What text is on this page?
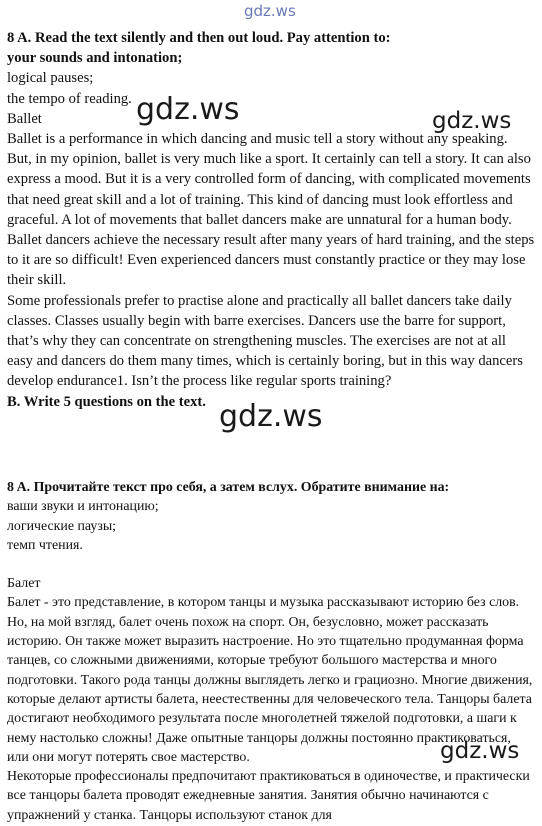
gdz.ws

8 A. Read the text silently and then out loud. Pay attention to:

your sounds and intonation;

logical pauses;

the tempo of reading.

Ballet

Ballet is a performance in which dancing and music tell a story without any speaking. But, in my opinion, ballet is very much like a sport. It certainly can tell a story. It can also express a mood. But it is a very controlled form of dancing, with complicated movements that need great skill and a lot of training. This kind of dancing must look effortless and graceful. A lot of movements that ballet dancers make are unnatural for a human body. Ballet dancers achieve the necessary result after many years of hard training, and the steps to it are so difficult! Even experienced dancers must constantly practice or they may lose their skill.

Some professionals prefer to practise alone and practically all ballet dancers take daily classes. Classes usually begin with barre exercises. Dancers use the barre for support, that’s why they can concentrate on strengthening muscles. The exercises are not at all easy and dancers do them many times, which is certainly boring, but in this way dancers develop endurance1. Isn’t the process like regular sports training?

B. Write 5 questions on the text.

8 A. Прочитайте текст про себя, а затем вслух. Обратите внимание на:

ваши звуки и интонацию;

логические паузы;

темп чтения.

Балет

Балет - это представление, в котором танцы и музыка рассказывают историю без слов. Но, на мой взгляд, балет очень похож на спорт. Он, безусловно, может рассказать историю. Он также может выразить настроение. Но это тщательно продуманная форма танцев, со сложными движениями, которые требуют большого мастерства и много подготовки. Такого рода танцы должны выглядеть легко и грациозно. Многие движения, которые делают артисты балета, неестественны для человеческого тела. Танцоры балета достигают необходимого результата после многолетней тяжелой подготовки, а шаги к нему настолько сложны! Даже опытные танцоры должны постоянно практиковаться, или они могут потерять свое мастерство.

Некоторые профессионалы предпочитают практиковаться в одиночестве, и практически все танцоры балета проводят ежедневные занятия. Занятия обычно начинаются с упражнений у станка. Танцоры используют станок для

gdz.ws	gdz.ws
gdz.ws
gdz.ws
